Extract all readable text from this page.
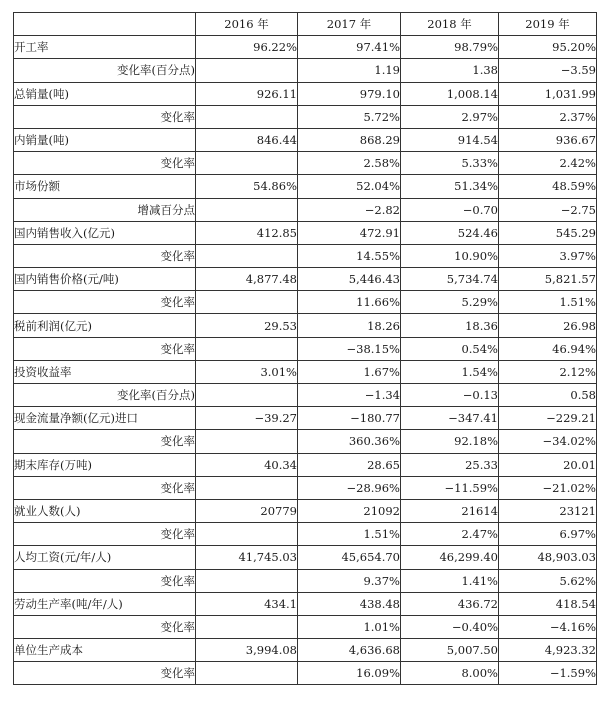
	2016 年	2017 年	2018 年	2019 年
开工率	96.22%	97.41%	98.79%	95.20%
变化率(百分点)		1.19	1.38	−3.59
总销量(吨)	926.11	979.10	1,008.14	1,031.99
变化率		5.72%	2.97%	2.37%
内销量(吨)	846.44	868.29	914.54	936.67
变化率		2.58%	5.33%	2.42%
市场份额	54.86%	52.04%	51.34%	48.59%
增减百分点		−2.82	−0.70	−2.75
国内销售收入(亿元)	412.85	472.91	524.46	545.29
变化率		14.55%	10.90%	3.97%
国内销售价格(元/吨)	4,877.48	5,446.43	5,734.74	5,821.57
变化率		11.66%	5.29%	1.51%
税前利润(亿元)	29.53	18.26	18.36	26.98
变化率		−38.15%	0.54%	46.94%
投资收益率	3.01%	1.67%	1.54%	2.12%
变化率(百分点)		−1.34	−0.13	0.58
现金流量净额(亿元)进口	−39.27	−180.77	−347.41	−229.21
变化率		360.36%	92.18%	−34.02%
期末库存(万吨)	40.34	28.65	25.33	20.01
变化率		−28.96%	−11.59%	−21.02%
就业人数(人)	20779	21092	21614	23121
变化率		1.51%	2.47%	6.97%
人均工资(元/年/人)	41,745.03	45,654.70	46,299.40	48,903.03
变化率		9.37%	1.41%	5.62%
劳动生产率(吨/年/人)	434.1	438.48	436.72	418.54
变化率		1.01%	−0.40%	−4.16%
单位生产成本	3,994.08	4,636.68	5,007.50	4,923.32
变化率		16.09%	8.00%	−1.59%
